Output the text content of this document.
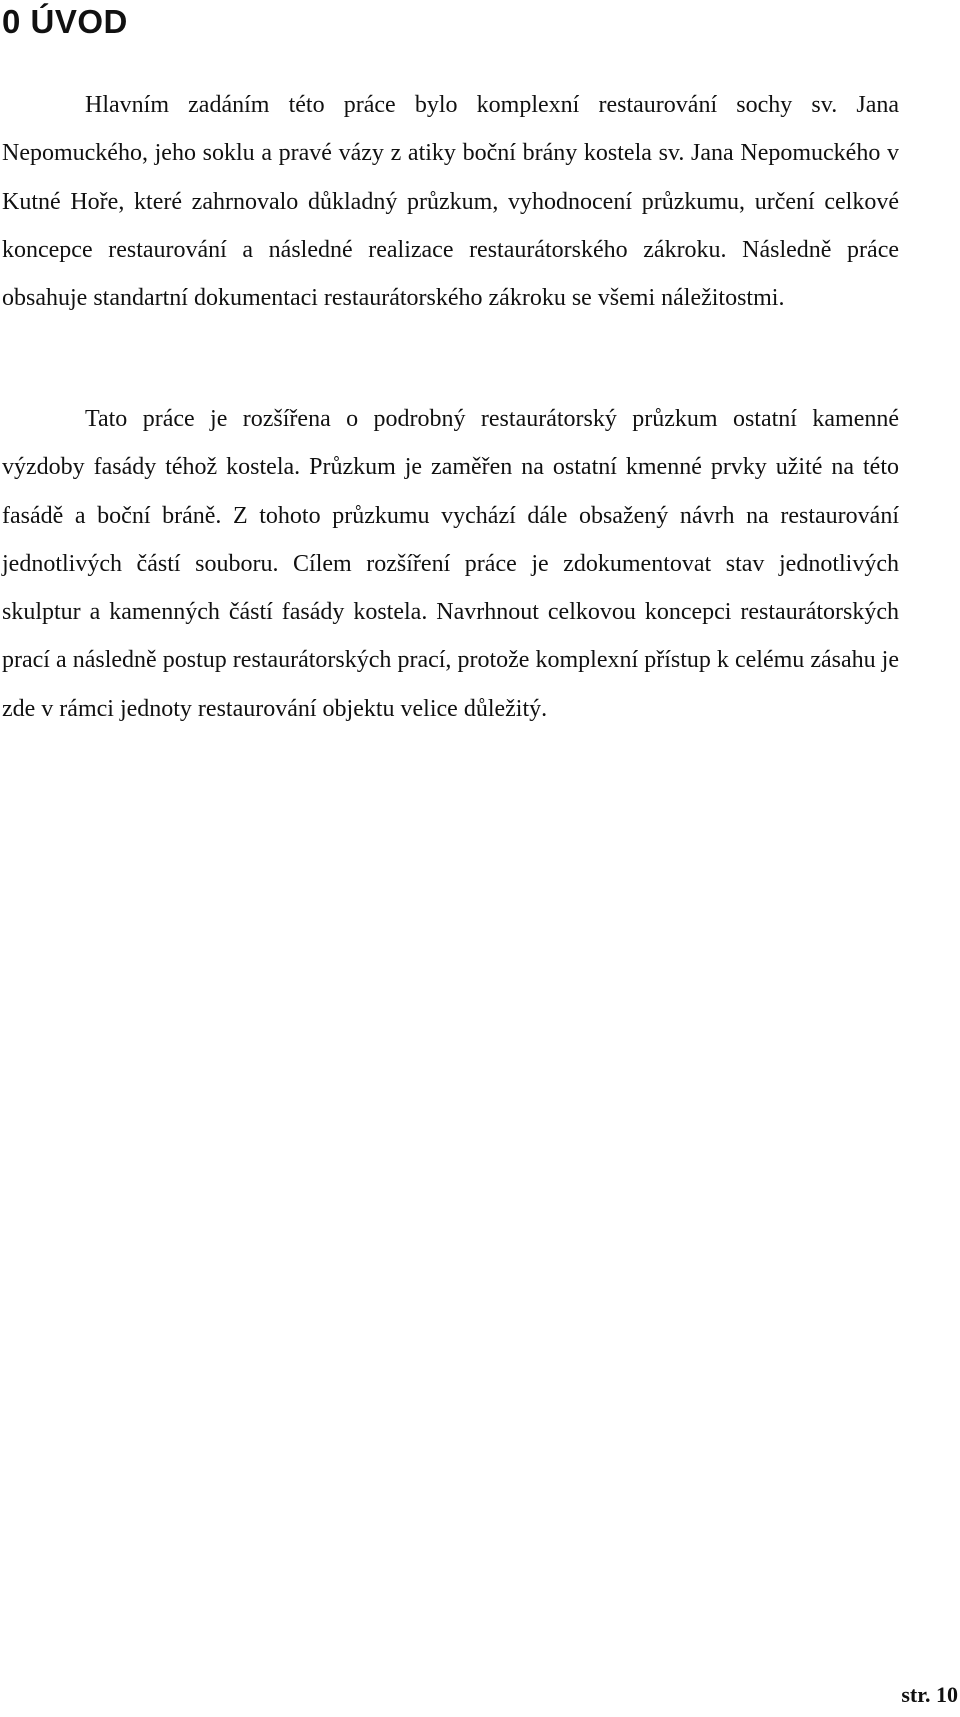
0 ÚVOD

Hlavním zadáním této práce bylo komplexní restaurování sochy sv. Jana Nepomuckého, jeho soklu a pravé vázy z atiky boční brány kostela sv. Jana Nepomuckého v Kutné Hoře, které zahrnovalo důkladný průzkum, vyhodnocení průzkumu, určení celkové koncepce restaurování a následné realizace restaurátorského zákroku. Následně práce obsahuje standartní dokumentaci restaurátorského zákroku se všemi náležitostmi.

Tato práce je rozšířena o podrobný restaurátorský průzkum ostatní kamenné výzdoby fasády téhož kostela. Průzkum je zaměřen na ostatní kmenné prvky užité na této fasádě a boční bráně. Z tohoto průzkumu vychází dále obsažený návrh na restaurování jednotlivých částí souboru. Cílem rozšíření práce je zdokumentovat stav jednotlivých skulptur a kamenných částí fasády kostela. Navrhnout celkovou koncepci restaurátorských prací a následně postup restaurátorských prací, protože komplexní přístup k celému zásahu je zde v rámci jednoty restaurování objektu velice důležitý.

str. 10
